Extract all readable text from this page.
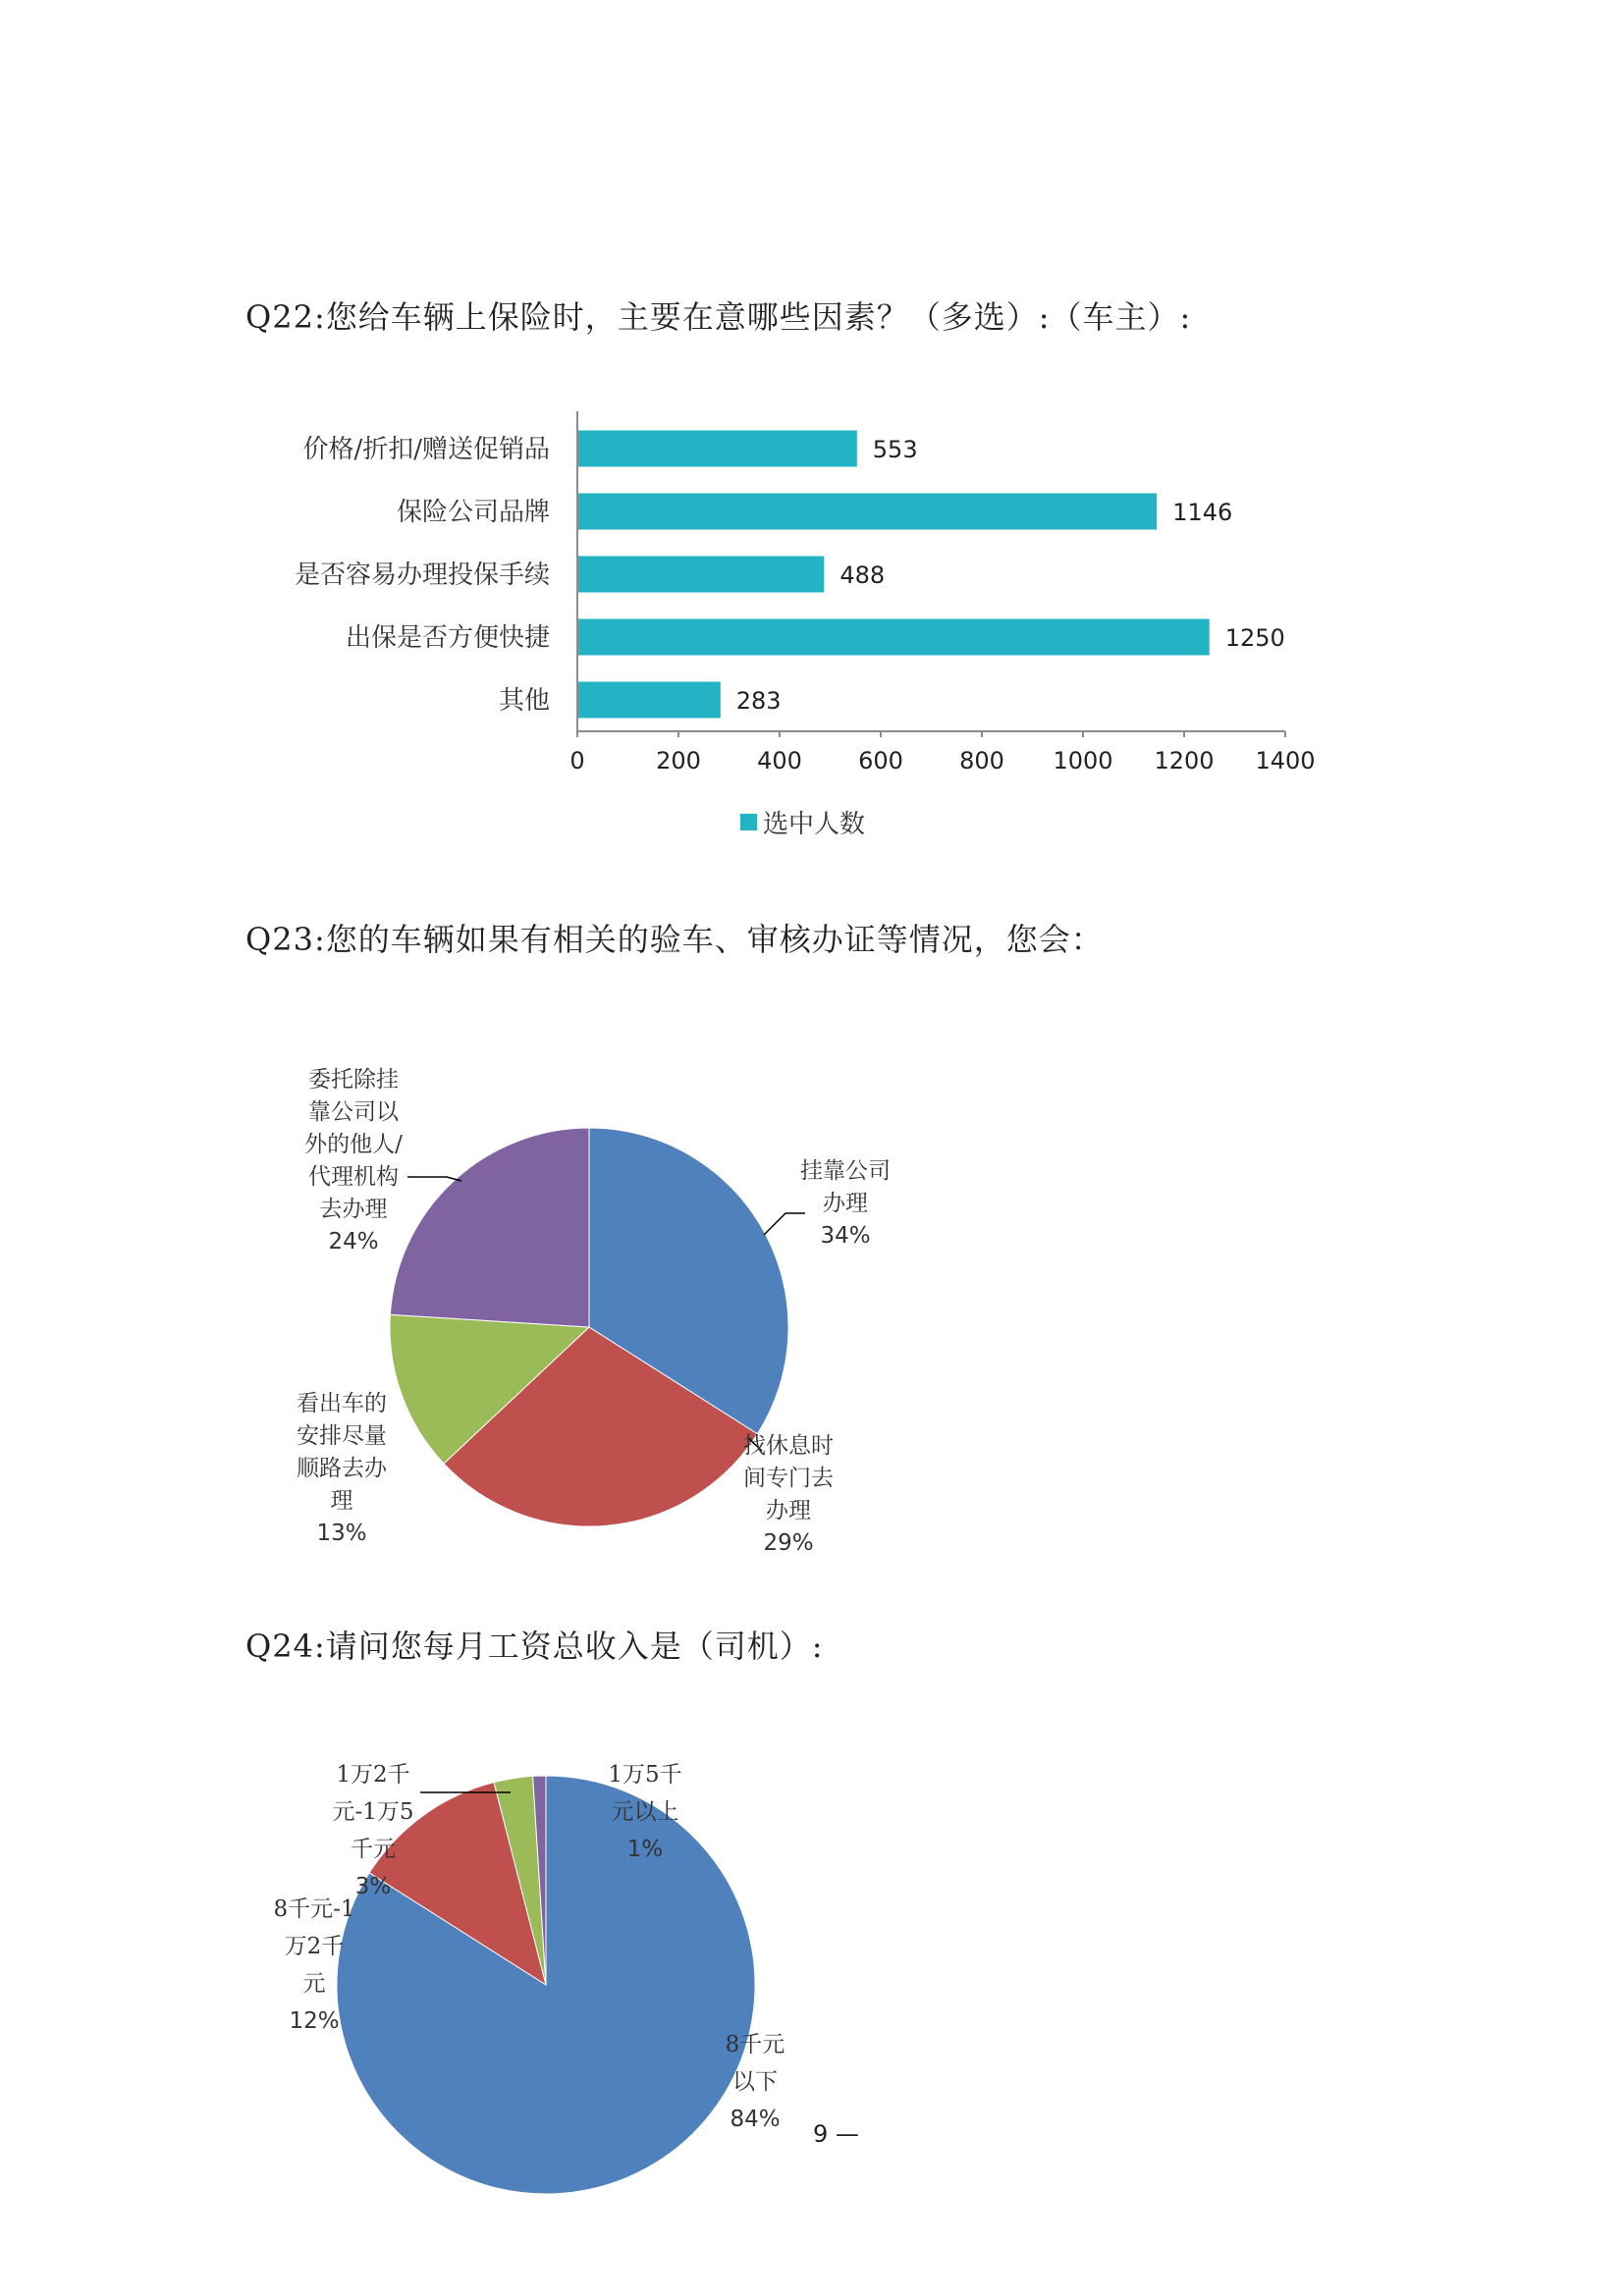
Q22:您给车辆上保险时，主要在意哪些因素？（多选）:（车主）:
Q23:您的车辆如果有相关的验车、审核办证等情况，您会：
Q24:请问您每月工资总收入是（司机）:
553
价格/折扣/赠送促销品
1146
保险公司品牌
488
是否容易办理投保手续
1250
出保是否方便快捷
283
其他
0	200 400 600 800 1000 1200 1400
选中人数
挂靠公司
办理
34%
找休息时
间专门去
办理
29%
看出车的
安排尽量
顺路去办
理
13%
委托除挂
靠公司以
外的他人/
代理机构
去办理
24%
8千元
以下
84%
8千元-1
万2千
元
12%
1万2千
元-1万5
千元
3%
1万5千
元以上
1%
9 —
